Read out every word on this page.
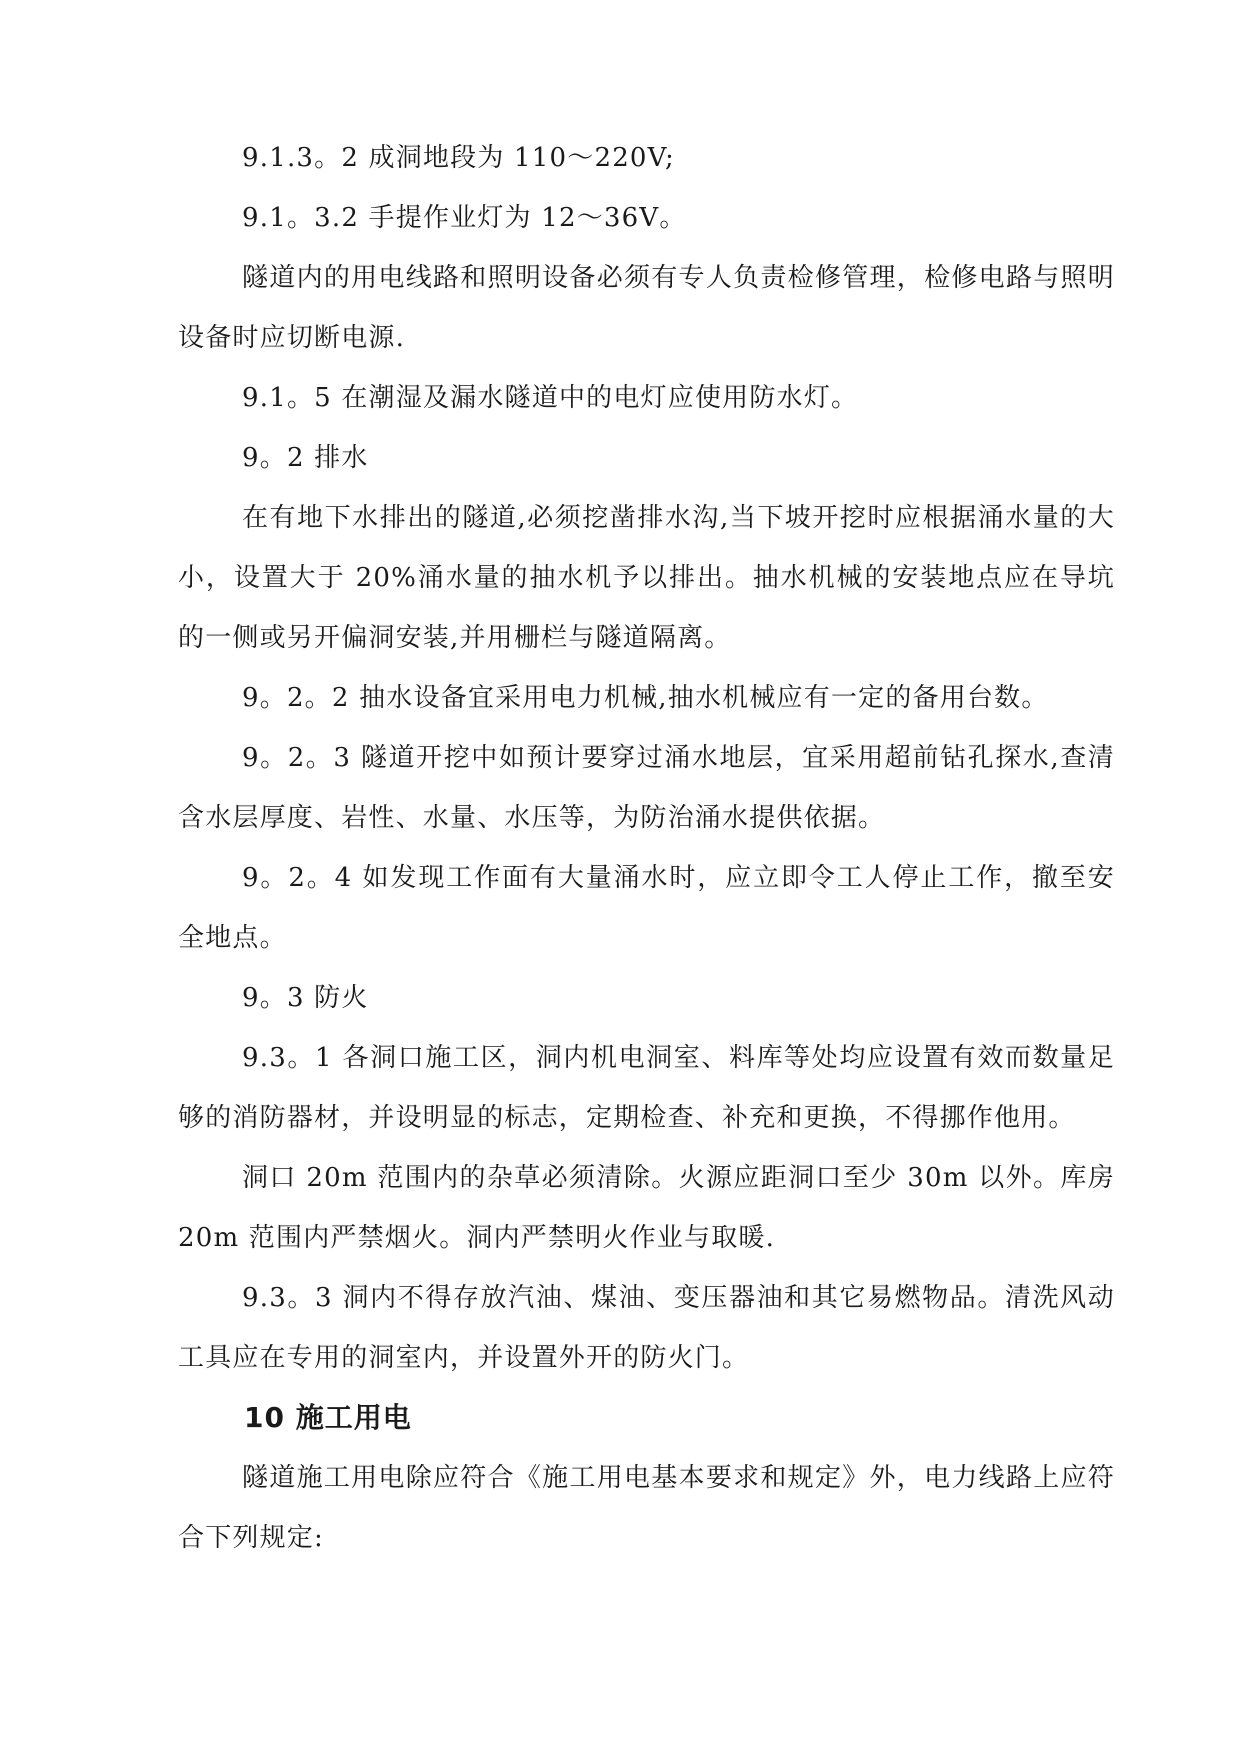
9.1.3。2 成洞地段为 110～220V;

9.1。3.2 手提作业灯为 12～36V。

隧道内的用电线路和照明设备必须有专人负责检修管理，检修电路与照明设备时应切断电源.

9.1。5 在潮湿及漏水隧道中的电灯应使用防水灯。

9。2 排水

在有地下水排出的隧道,必须挖凿排水沟,当下坡开挖时应根据涌水量的大小，设置大于 20%涌水量的抽水机予以排出。抽水机械的安装地点应在导坑的一侧或另开偏洞安装,并用栅栏与隧道隔离。

9。2。2 抽水设备宜采用电力机械,抽水机械应有一定的备用台数。

9。2。3 隧道开挖中如预计要穿过涌水地层，宜采用超前钻孔探水,查清含水层厚度、岩性、水量、水压等，为防治涌水提供依据。

9。2。4 如发现工作面有大量涌水时，应立即令工人停止工作，撤至安全地点。

9。3 防火

9.3。1 各洞口施工区，洞内机电洞室、料库等处均应设置有效而数量足够的消防器材，并设明显的标志，定期检查、补充和更换，不得挪作他用。

洞口 20m 范围内的杂草必须清除。火源应距洞口至少 30m 以外。库房 20m 范围内严禁烟火。洞内严禁明火作业与取暖.

9.3。3 洞内不得存放汽油、煤油、变压器油和其它易燃物品。清洗风动工具应在专用的洞室内，并设置外开的防火门。

10 施工用电

隧道施工用电除应符合《施工用电基本要求和规定》外，电力线路上应符合下列规定:
